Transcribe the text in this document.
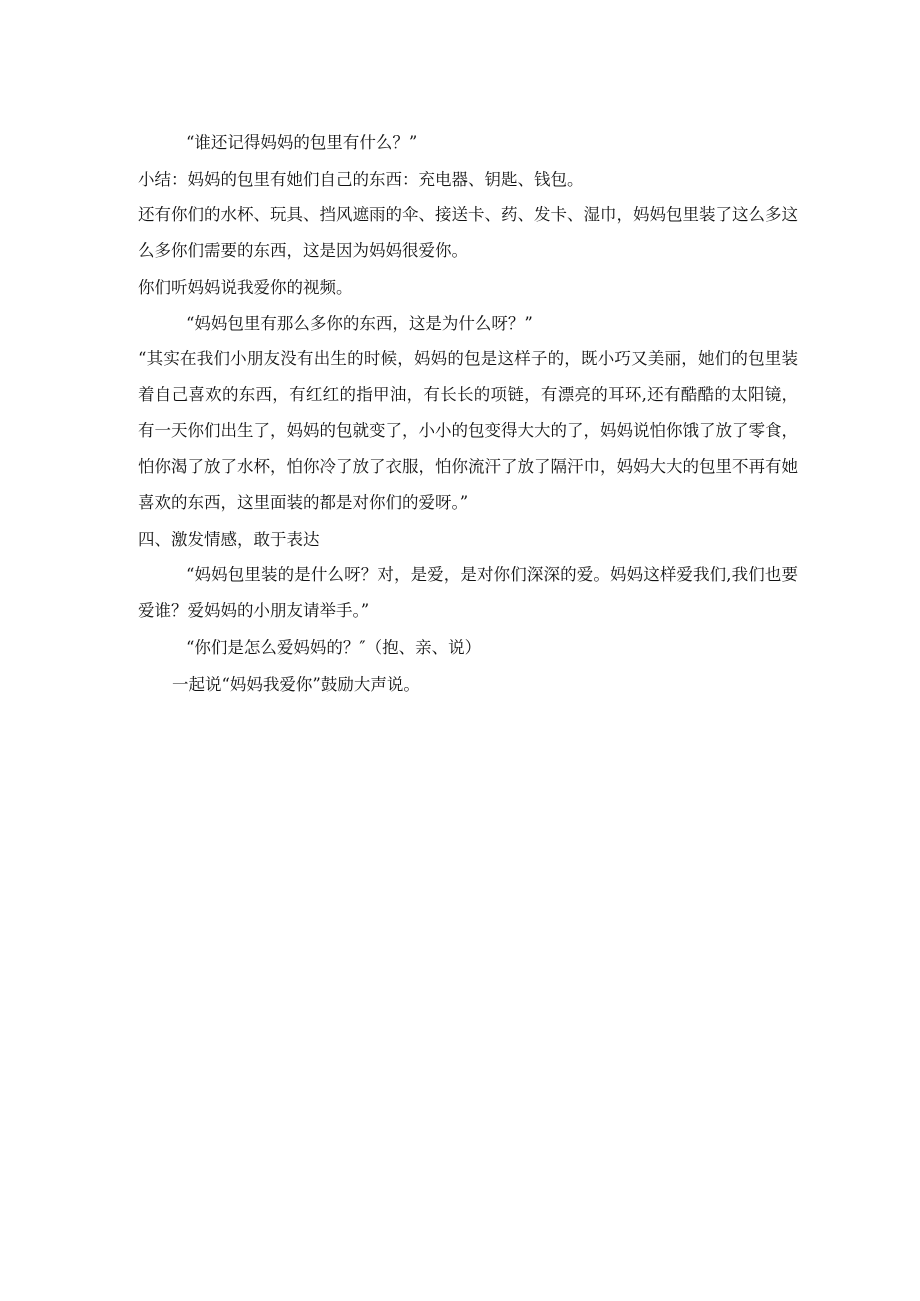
“谁还记得妈妈的包里有什么？”
小结：妈妈的包里有她们自己的东西：充电器、钥匙、钱包。
还有你们的水杯、玩具、挡风遮雨的伞、接送卡、药、发卡、湿巾，妈妈包里装了这么多这么多你们需要的东西，这是因为妈妈很爱你。
你们听妈妈说我爱你的视频。
“妈妈包里有那么多你的东西，这是为什么呀？”
“其实在我们小朋友没有出生的时候，妈妈的包是这样子的，既小巧又美丽，她们的包里装着自己喜欢的东西，有红红的指甲油，有长长的项链，有漂亮的耳环,还有酷酷的太阳镜，有一天你们出生了，妈妈的包就变了，小小的包变得大大的了，妈妈说怕你饿了放了零食，怕你渴了放了水杯，怕你冷了放了衣服，怕你流汗了放了隔汗巾，妈妈大大的包里不再有她喜欢的东西，这里面装的都是对你们的爱呀。”
四、激发情感，敢于表达
“妈妈包里装的是什么呀？对，是爱，是对你们深深的爱。妈妈这样爱我们,我们也要爱谁？爱妈妈的小朋友请举手。”
“你们是怎么爱妈妈的？″（抱、亲、说）
一起说“妈妈我爱你”鼓励大声说。
